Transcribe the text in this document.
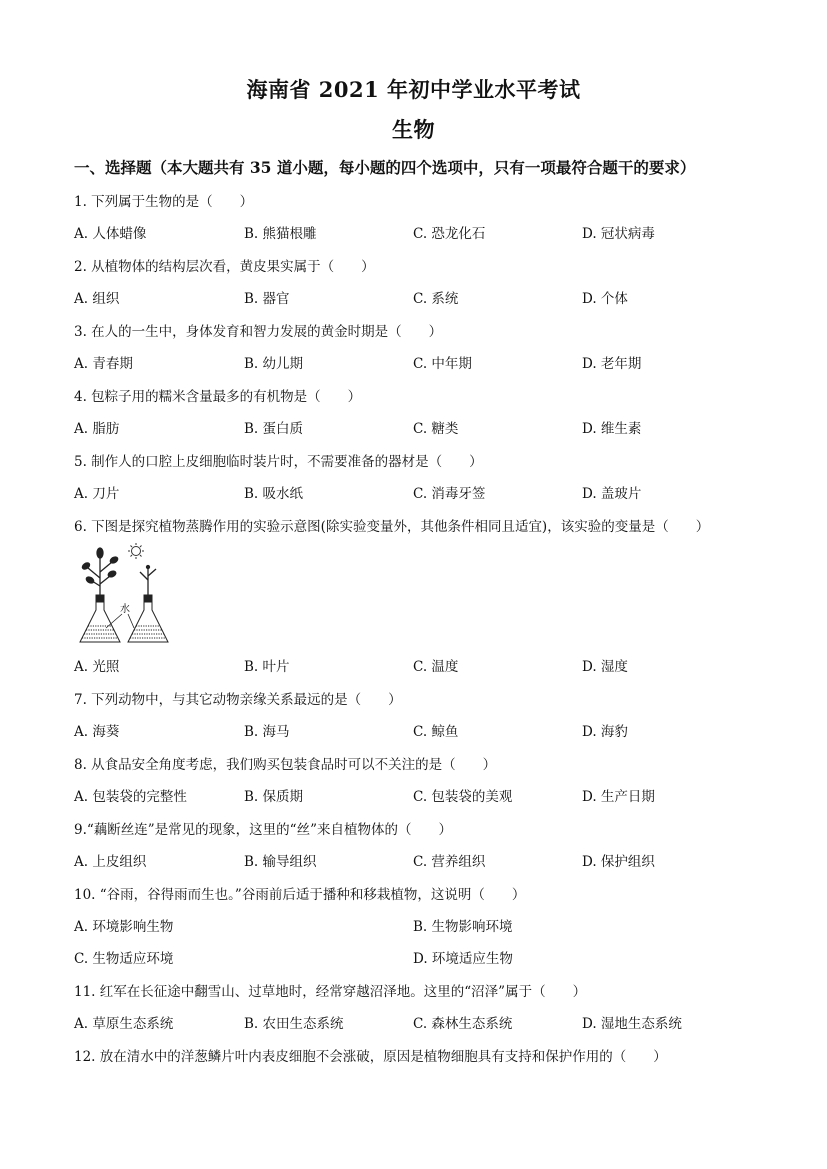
海南省 2021 年初中学业水平考试
生物
一、选择题（本大题共有 35 道小题，每小题的四个选项中，只有一项最符合题干的要求）
1. 下列属于生物的是（　　）
A. 人体蜡像	B. 熊猫根雕	C. 恐龙化石	D. 冠状病毒
2. 从植物体的结构层次看，黄皮果实属于（　　）
A. 组织	B. 器官	C. 系统	D. 个体
3. 在人的一生中，身体发育和智力发展的黄金时期是（　　）
A. 青春期	B. 幼儿期	C. 中年期	D. 老年期
4. 包粽子用的糯米含量最多的有机物是（　　）
A. 脂肪	B. 蛋白质	C. 糖类	D. 维生素
5. 制作人的口腔上皮细胞临时装片时，不需要准备的器材是（　　）
A. 刀片	B. 吸水纸	C. 消毒牙签	D. 盖玻片
6. 下图是探究植物蒸腾作用的实验示意图(除实验变量外，其他条件相同且适宜)，该实验的变量是（　　）
水
A. 光照	B. 叶片	C. 温度	D. 湿度
7. 下列动物中，与其它动物亲缘关系最远的是（　　）
A. 海葵	B. 海马	C. 鲸鱼	D. 海豹
8. 从食品安全角度考虑，我们购买包装食品时可以不关注的是（　　）
A. 包装袋的完整性	B. 保质期	C. 包装袋的美观	D. 生产日期
9.“藕断丝连”是常见的现象，这里的“丝”来自植物体的（　　）
A. 上皮组织	B. 输导组织	C. 营养组织	D. 保护组织
10. “谷雨，谷得雨而生也。”谷雨前后适于播种和移栽植物，这说明（　　）
A. 环境影响生物	B. 生物影响环境
C. 生物适应环境	D. 环境适应生物
11. 红军在长征途中翻雪山、过草地时，经常穿越沼泽地。这里的“沼泽”属于（　　）
A. 草原生态系统	B. 农田生态系统	C. 森林生态系统	D. 湿地生态系统
12. 放在清水中的洋葱鳞片叶内表皮细胞不会涨破，原因是植物细胞具有支持和保护作用的（　　）
